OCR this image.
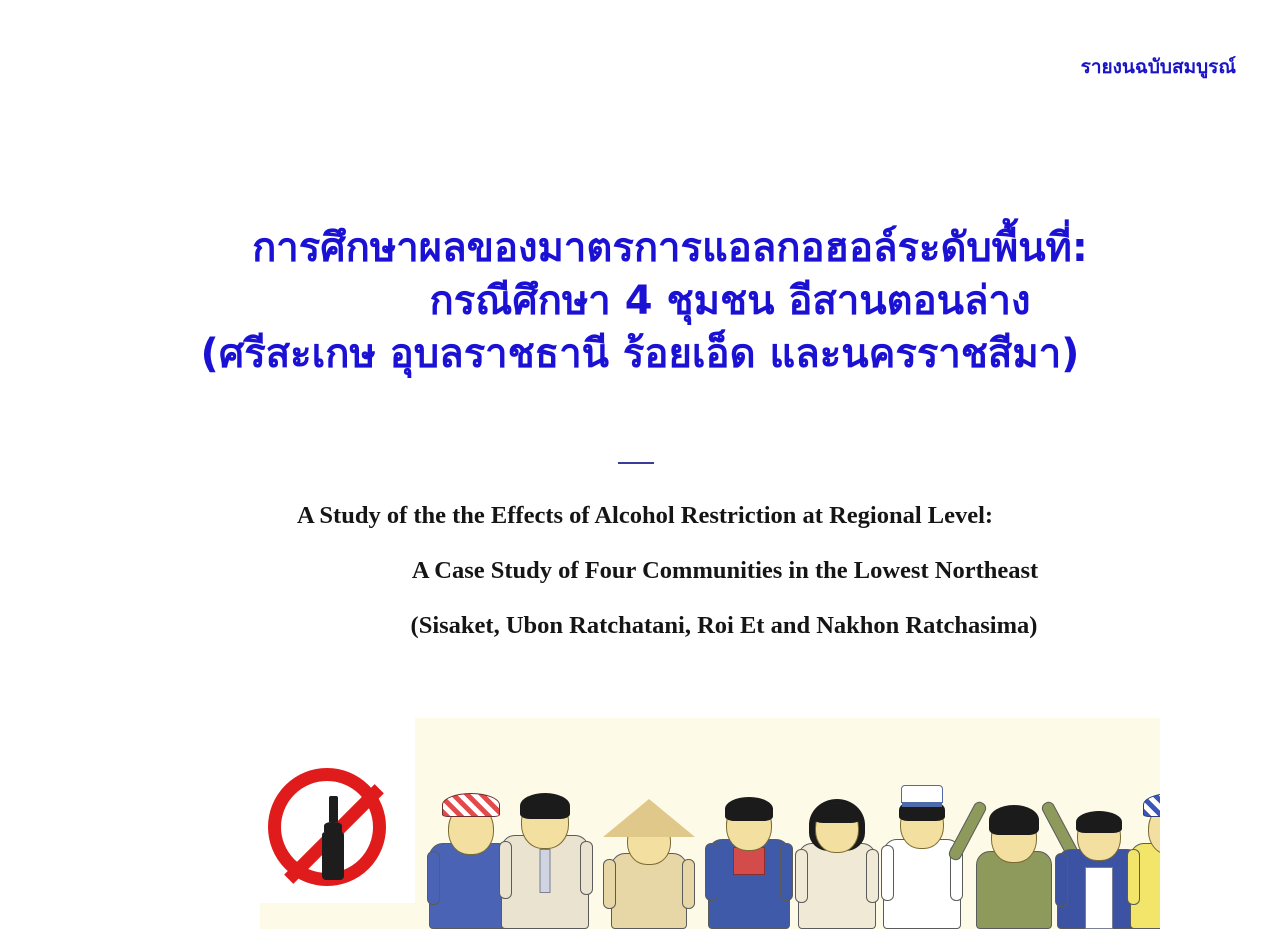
รายงนฉบับสมบูรณ์
การศึกษาผลของมาตรการแอลกอฮอล์ระดับพื้นที่:
กรณีศึกษา 4 ชุมชน อีสานตอนล่าง
(ศรีสะเกษ อุบลราชธานี ร้อยเอ็ด และนครราชสีมา)
A Study of the the Effects of Alcohol Restriction at Regional Level:
A Case Study of Four Communities in the Lowest Northeast
(Sisaket, Ubon Ratchatani, Roi Et and Nakhon Ratchasima)
